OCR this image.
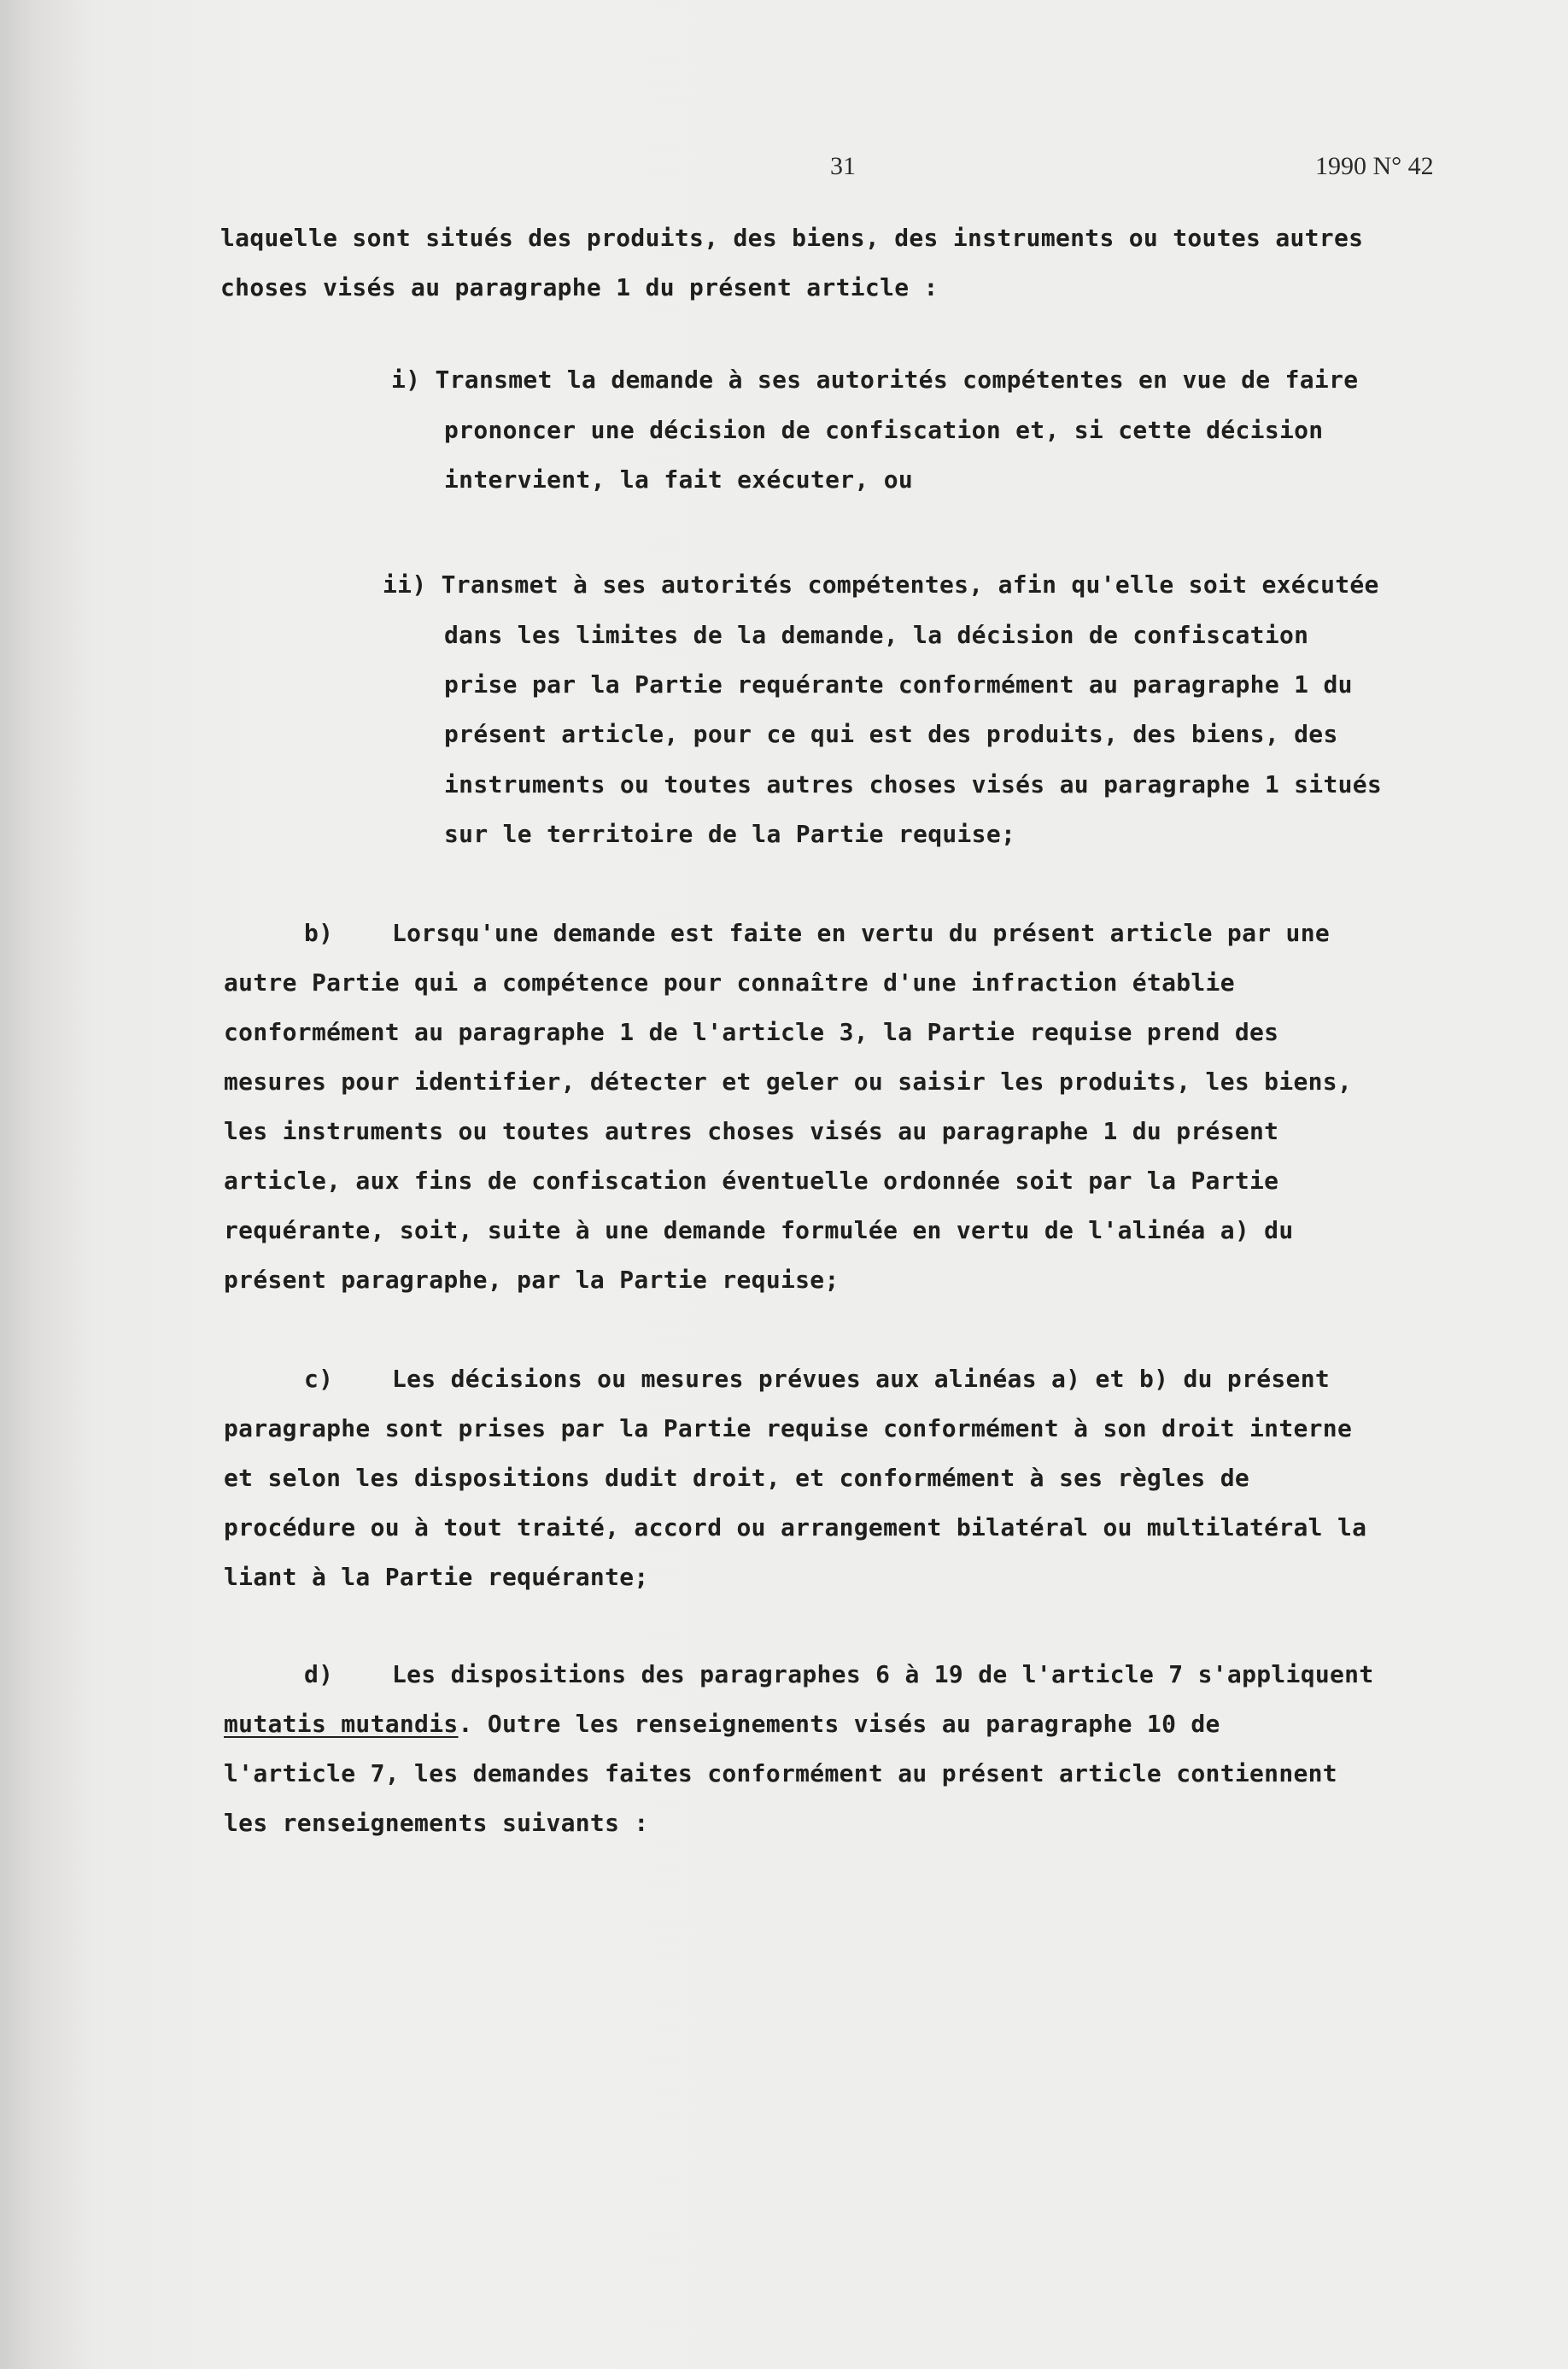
31	1990 N° 42
laquelle sont situés des produits, des biens, des instruments ou toutes autres
choses visés au paragraphe 1 du présent article :
i) Transmet la demande à ses autorités compétentes en vue de faire
prononcer une décision de confiscation et, si cette décision
intervient, la fait exécuter, ou
ii) Transmet à ses autorités compétentes, afin qu'elle soit exécutée
dans les limites de la demande, la décision de confiscation
prise par la Partie requérante conformément au paragraphe 1 du
présent article, pour ce qui est des produits, des biens, des
instruments ou toutes autres choses visés au paragraphe 1 situés
sur le territoire de la Partie requise;
b)    Lorsqu'une demande est faite en vertu du présent article par une
autre Partie qui a compétence pour connaître d'une infraction établie
conformément au paragraphe 1 de l'article 3, la Partie requise prend des
mesures pour identifier, détecter et geler ou saisir les produits, les biens,
les instruments ou toutes autres choses visés au paragraphe 1 du présent
article, aux fins de confiscation éventuelle ordonnée soit par la Partie
requérante, soit, suite à une demande formulée en vertu de l'alinéa a) du
présent paragraphe, par la Partie requise;
c)    Les décisions ou mesures prévues aux alinéas a) et b) du présent
paragraphe sont prises par la Partie requise conformément à son droit interne
et selon les dispositions dudit droit, et conformément à ses règles de
procédure ou à tout traité, accord ou arrangement bilatéral ou multilatéral la
liant à la Partie requérante;
d)    Les dispositions des paragraphes 6 à 19 de l'article 7 s'appliquent
mutatis mutandis. Outre les renseignements visés au paragraphe 10 de
l'article 7, les demandes faites conformément au présent article contiennent
les renseignements suivants :
